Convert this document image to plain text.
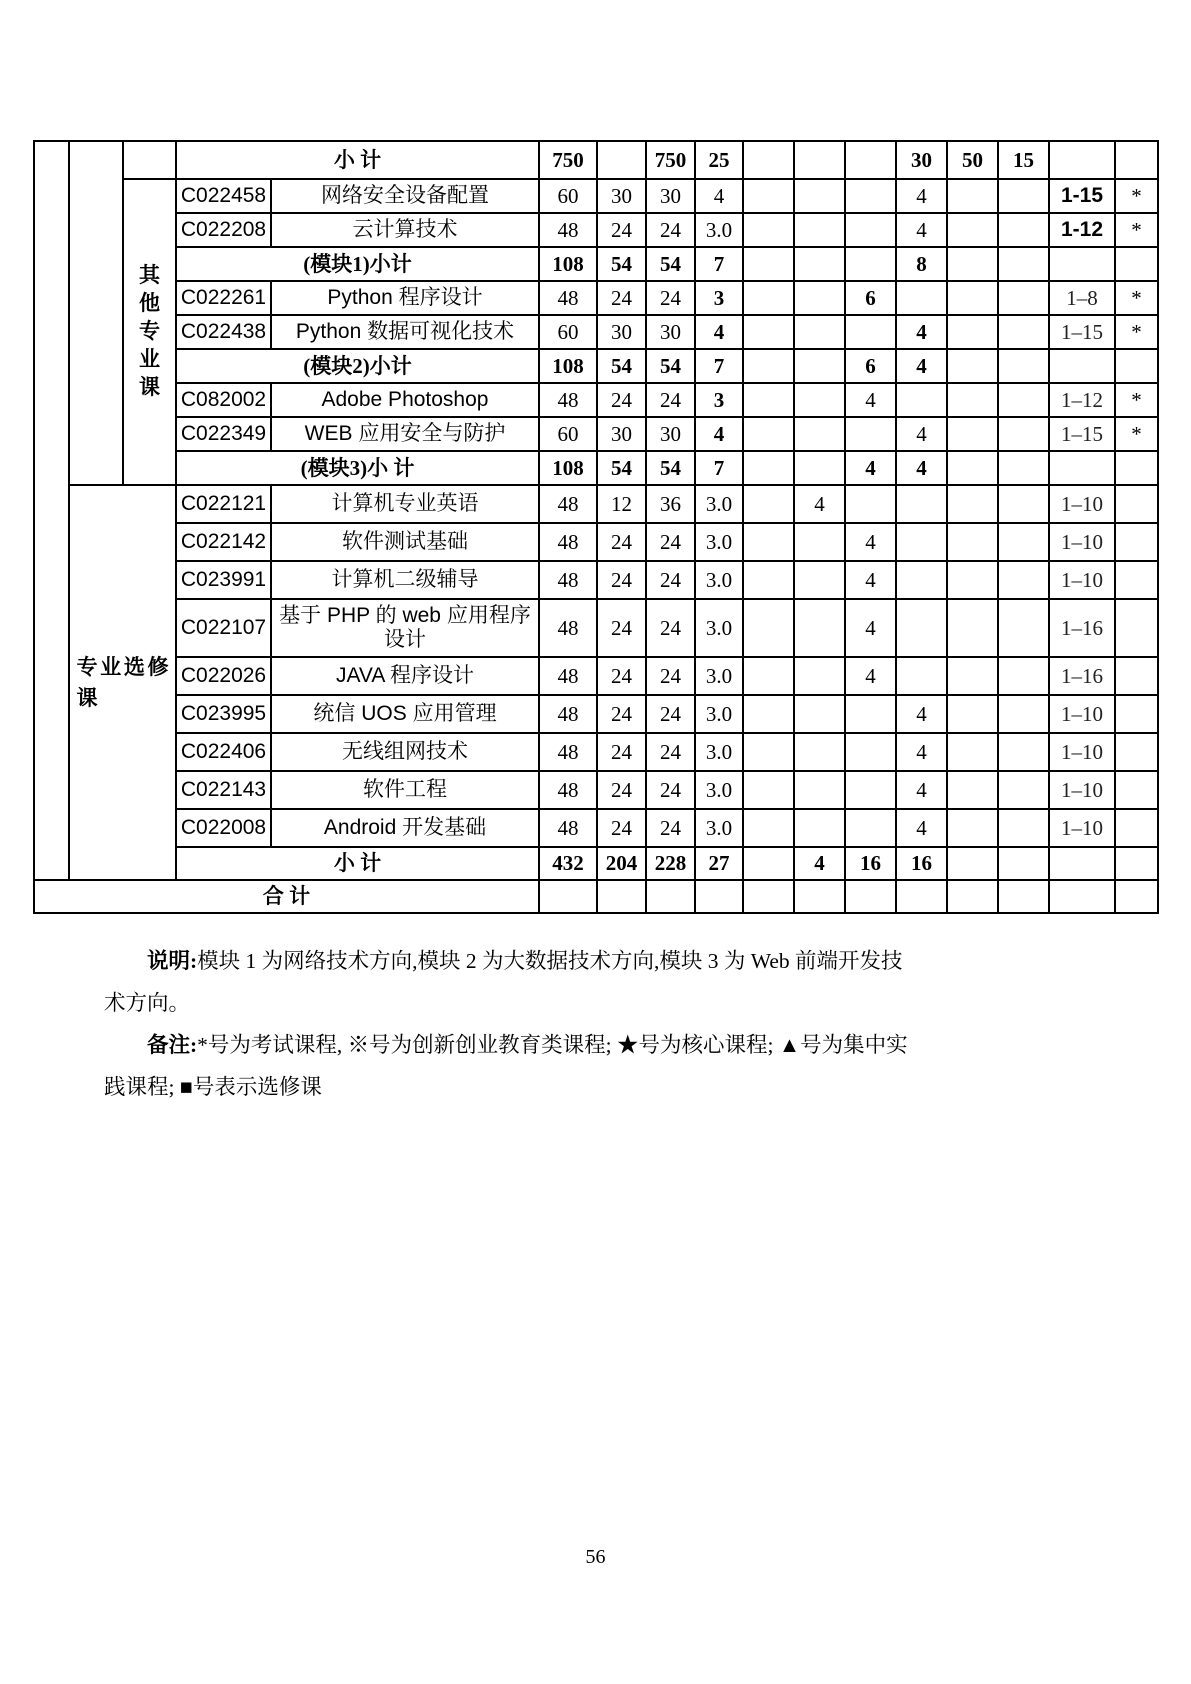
			小 计		750		750	25				30	50	15		

		其他专业课	C022458	网络安全设备配置	60	30	30	4				4			1-15	*
			C022208	云计算技术	48	24	24	3.0				4			1-12	*
			(模块1)小计		108	54	54	7				8				
			C022261	Python 程序设计	48	24	24	3			6				1–8	*
			C022438	Python 数据可视化技术	60	30	30	4				4			1–15	*
			(模块2)小计		108	54	54	7			6	4				
			C082002	Adobe Photoshop	48	24	24	3			4				1–12	*
			C022349	WEB 应用安全与防护	60	30	30	4				4			1–15	*
			(模块3)小 计		108	54	54	7			4	4				

	专业选修课		C022121	计算机专业英语	48	12	36	3.0		4					1–10	
			C022142	软件测试基础	48	24	24	3.0			4				1–10	
			C023991	计算机二级辅导	48	24	24	3.0			4				1–10	
			C022107	基于 PHP 的 web 应用程序设计	48	24	24	3.0			4				1–16	
			C022026	JAVA 程序设计	48	24	24	3.0			4				1–16	
			C023995	统信 UOS 应用管理	48	24	24	3.0				4			1–10	
			C022406	无线组网技术	48	24	24	3.0				4			1–10	
			C022143	软件工程	48	24	24	3.0				4			1–10	
			C022008	Android 开发基础	48	24	24	3.0				4			1–10	
			小 计		432	204	228	27		4	16	16				
合 计																
说明:模块 1 为网络技术方向,模块 2 为大数据技术方向,模块 3 为 Web 前端开发技
术方向。
备注:*号为考试课程, ※号为创新创业教育类课程; ★号为核心课程; ▲号为集中实
践课程; ■号表示选修课
56
